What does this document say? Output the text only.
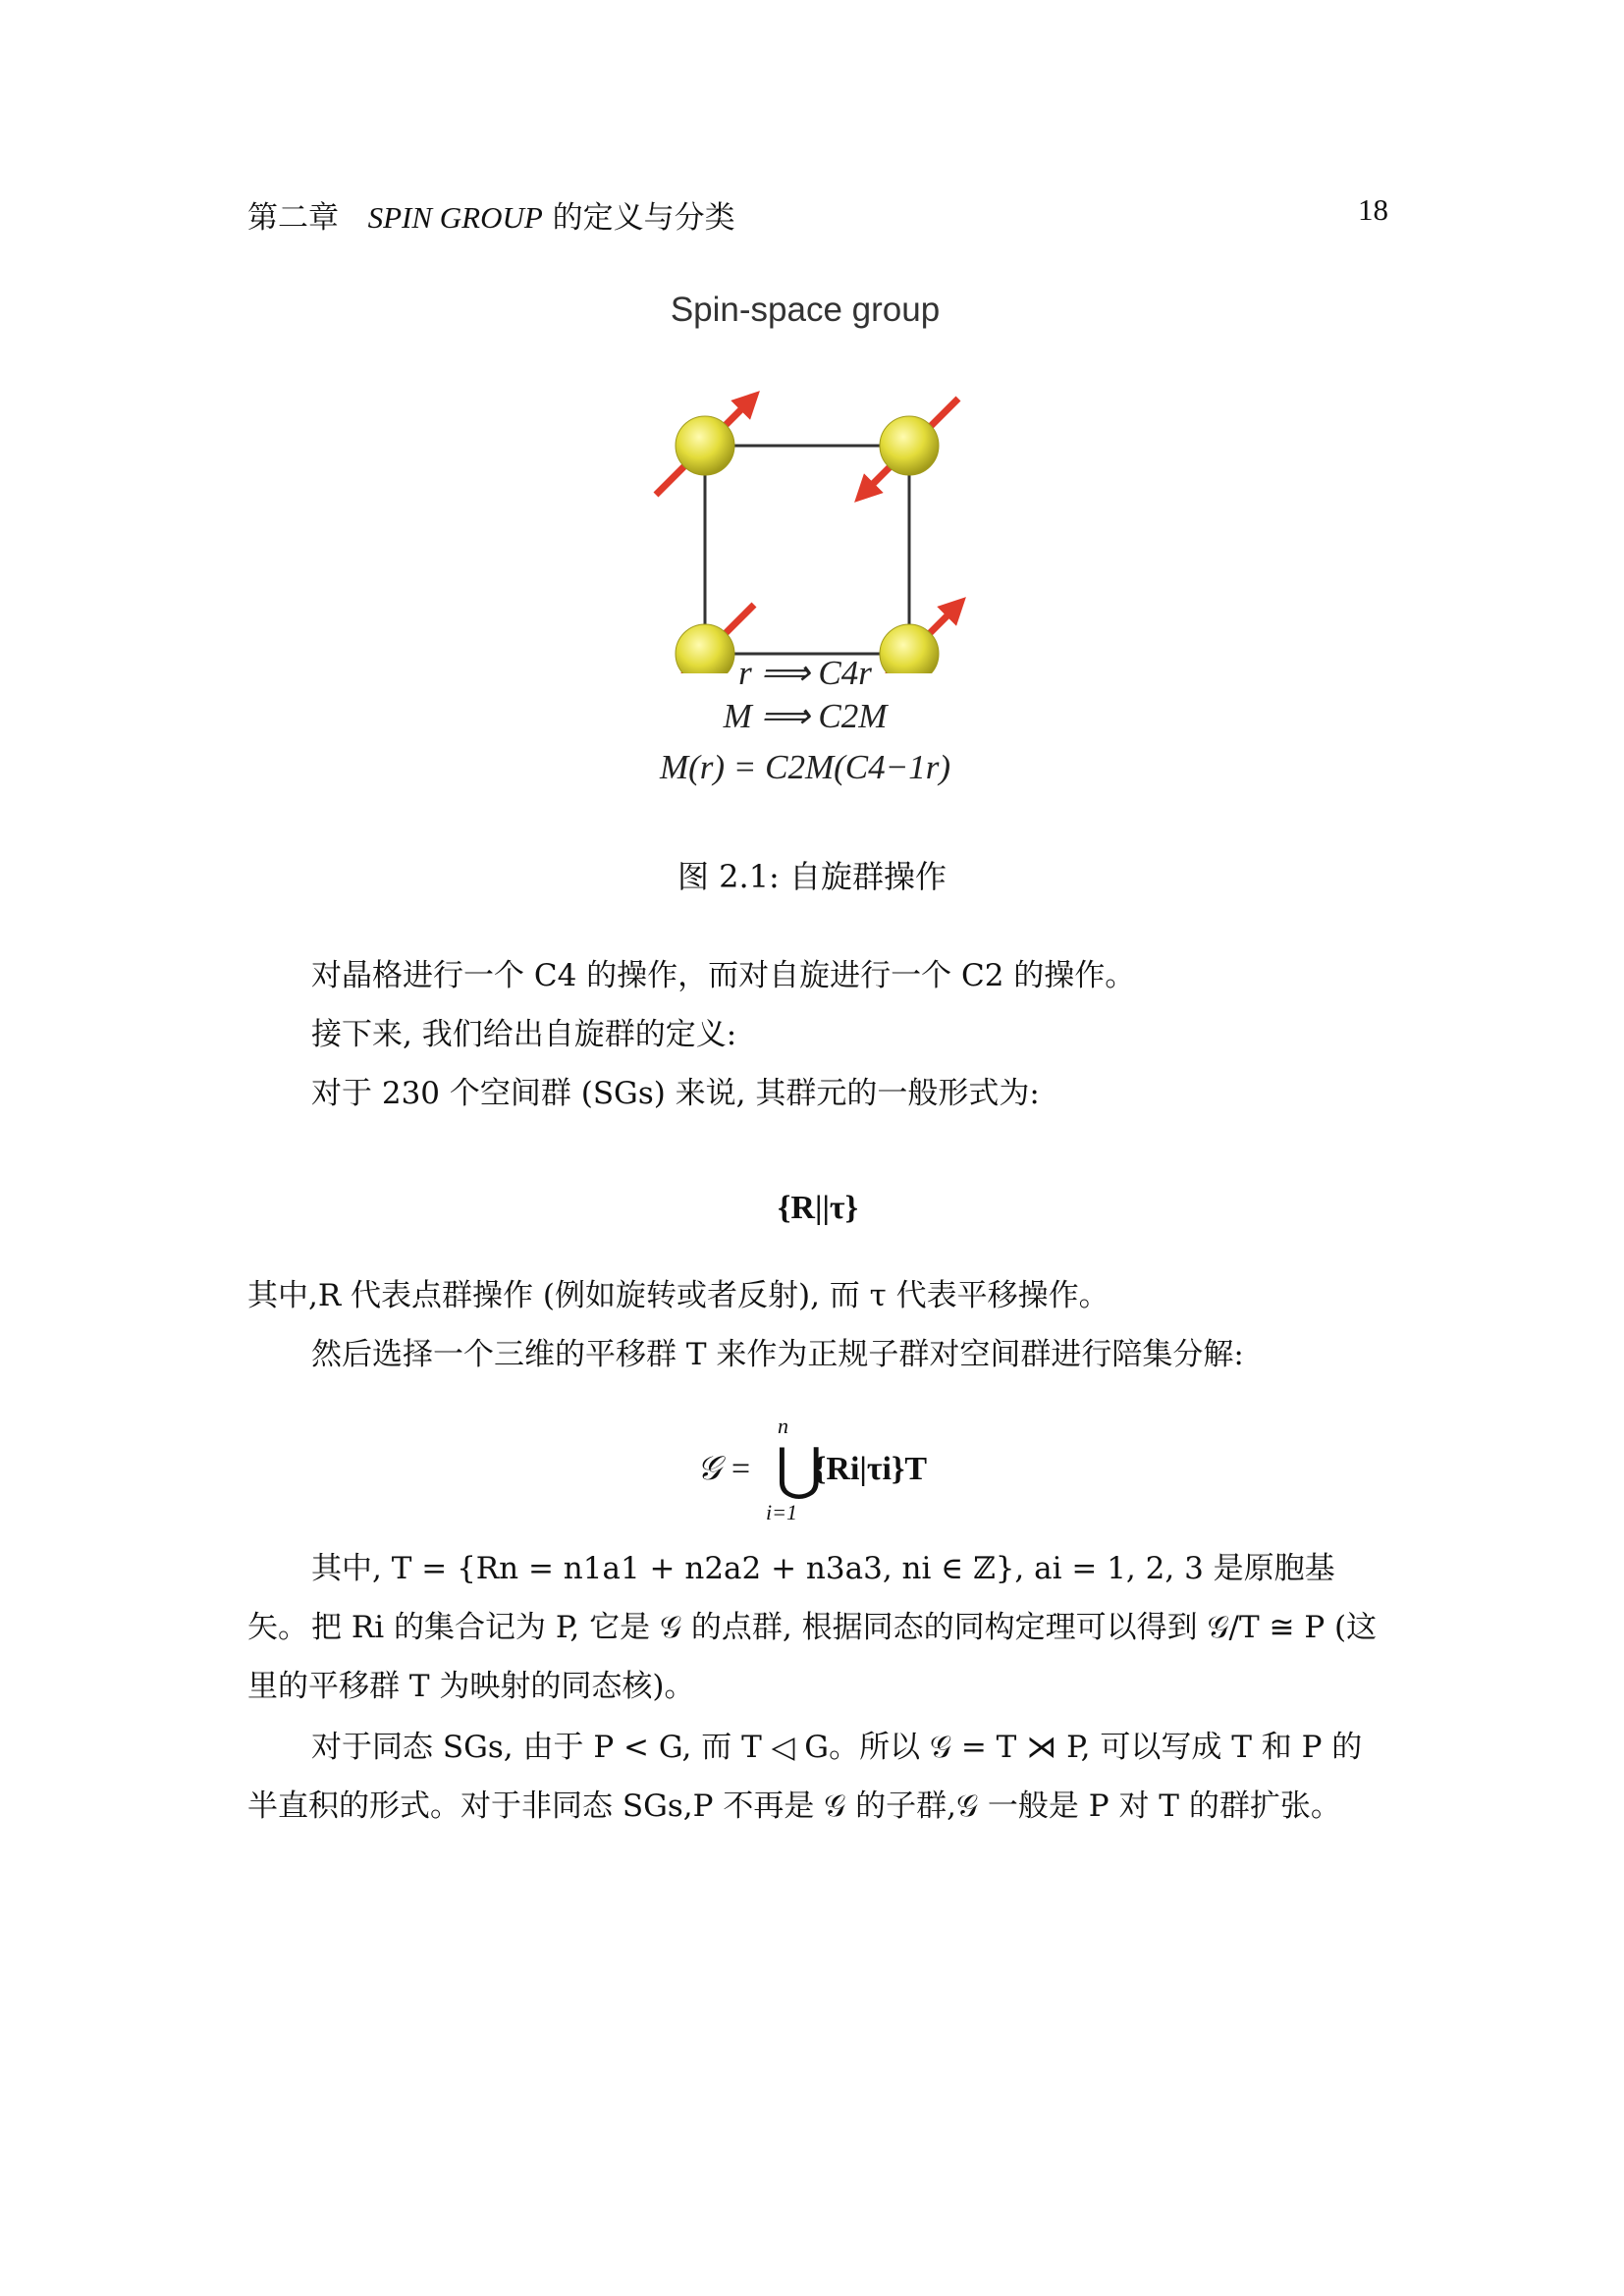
第二章 SPIN GROUP 的定义与分类	18
Spin-space group
r ⟹ C4r
M ⟹ C2M
M(r) = C2M(C4−1r)
图 2.1: 自旋群操作

对晶格进行一个 C4 的操作，而对自旋进行一个 C2 的操作。

接下来, 我们给出自旋群的定义:

对于 230 个空间群 (SGs) 来说, 其群元的一般形式为:

{R||τ}

其中,R 代表点群操作 (例如旋转或者反射), 而 τ 代表平移操作。

然后选择一个三维的平移群 T 来作为正规子群对空间群进行陪集分解:

𝒢 =
n
⋃
i=1
{Ri|τi}T

其中, T = {Rn = n1a1 + n2a2 + n3a3, ni ∈ ℤ}, ai = 1, 2, 3 是原胞基矢。 把 Ri 的集合记为 P, 它是 𝒢 的点群, 根据同态的同构定理可以得到 𝒢/T ≅ P (这里的平移群 T 为映射的同态核)。

对于同态 SGs, 由于 P < G, 而 T ◁ G。所以 𝒢 = T ⋊ P, 可以写成 T 和 P 的半直积的形式。对于非同态 SGs,P 不再是 𝒢 的子群,𝒢 一般是 P 对 T 的群扩张。
